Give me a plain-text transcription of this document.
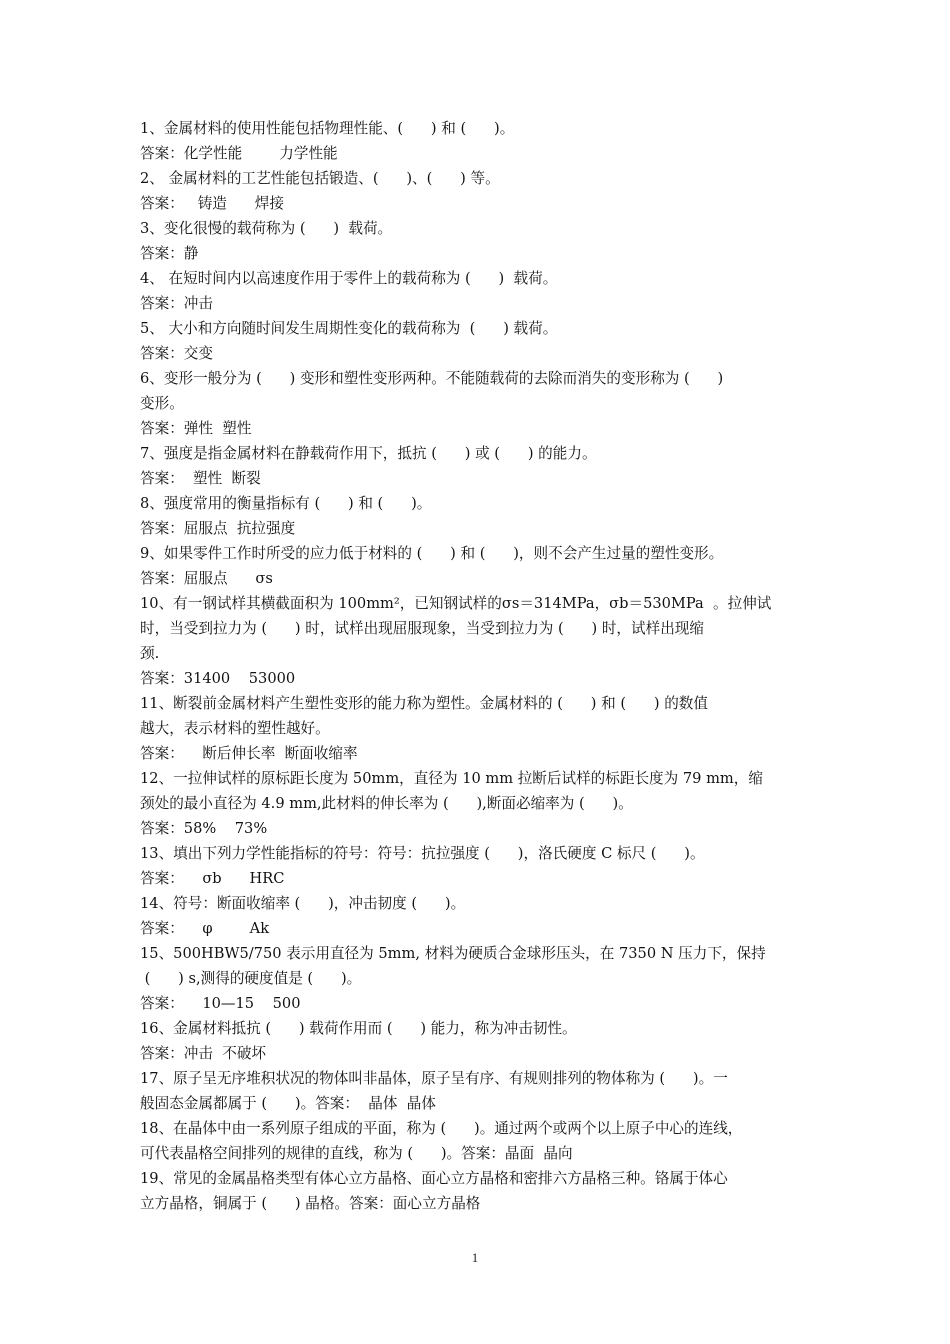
1、金属材料的使用性能包括物理性能、(      ) 和 (      )。
答案：化学性能        力学性能
2、 金属材料的工艺性能包括锻造、(      )、(      ) 等。
答案：   铸造      焊接
3、变化很慢的载荷称为 (      )  载荷。
答案：静
4、 在短时间内以高速度作用于零件上的载荷称为 (      )  载荷。
答案：冲击
5、 大小和方向随时间发生周期性变化的载荷称为  (      ) 载荷。
答案：交变
6、变形一般分为 (      ) 变形和塑性变形两种。不能随载荷的去除而消失的变形称为 (      )
变形。
答案：弹性  塑性
7、强度是指金属材料在静载荷作用下，抵抗 (      ) 或 (      ) 的能力。
答案：  塑性  断裂
8、强度常用的衡量指标有 (      ) 和 (      )。
答案：屈服点  抗拉强度
9、如果零件工作时所受的应力低于材料的 (      ) 和 (      )，则不会产生过量的塑性变形。
答案：屈服点      σs
10、有一钢试样其横截面积为 100mm²，已知钢试样的σs＝314MPa，σb＝530MPa  。拉伸试
时，当受到拉力为 (      ) 时，试样出现屈服现象，当受到拉力为 (      ) 时，试样出现缩
颈.
答案：31400    53000
11、断裂前金属材料产生塑性变形的能力称为塑性。金属材料的 (      ) 和 (      ) 的数值
越大，表示材料的塑性越好。
答案：    断后伸长率  断面收缩率
12、一拉伸试样的原标距长度为 50mm，直径为 10 mm 拉断后试样的标距长度为 79 mm，缩
颈处的最小直径为 4.9 mm,此材料的伸长率为 (      ),断面必缩率为 (      )。
答案：58%    73%
13、填出下列力学性能指标的符号：符号：抗拉强度 (      )，洛氏硬度 C 标尺 (      )。
答案：    σb      HRC
14、符号：断面收缩率 (      )，冲击韧度 (      )。
答案：    φ        Ak
15、500HBW5/750 表示用直径为 5mm, 材料为硬质合金球形压头，在 7350 N 压力下，保持
(      ) s,测得的硬度值是 (      )。
答案：    10—15    500
16、金属材料抵抗 (      ) 载荷作用而 (      ) 能力，称为冲击韧性。
答案：冲击  不破坏
17、原子呈无序堆积状况的物体叫非晶体，原子呈有序、有规则排列的物体称为 (      )。一
般固态金属都属于 (      )。答案：  晶体  晶体
18、在晶体中由一系列原子组成的平面，称为 (      )。通过两个或两个以上原子中心的连线，
可代表晶格空间排列的规律的直线，称为 (      )。答案：晶面  晶向
19、常见的金属晶格类型有体心立方晶格、面心立方晶格和密排六方晶格三种。铬属于体心
立方晶格，铜属于 (      ) 晶格。答案：面心立方晶格
1
